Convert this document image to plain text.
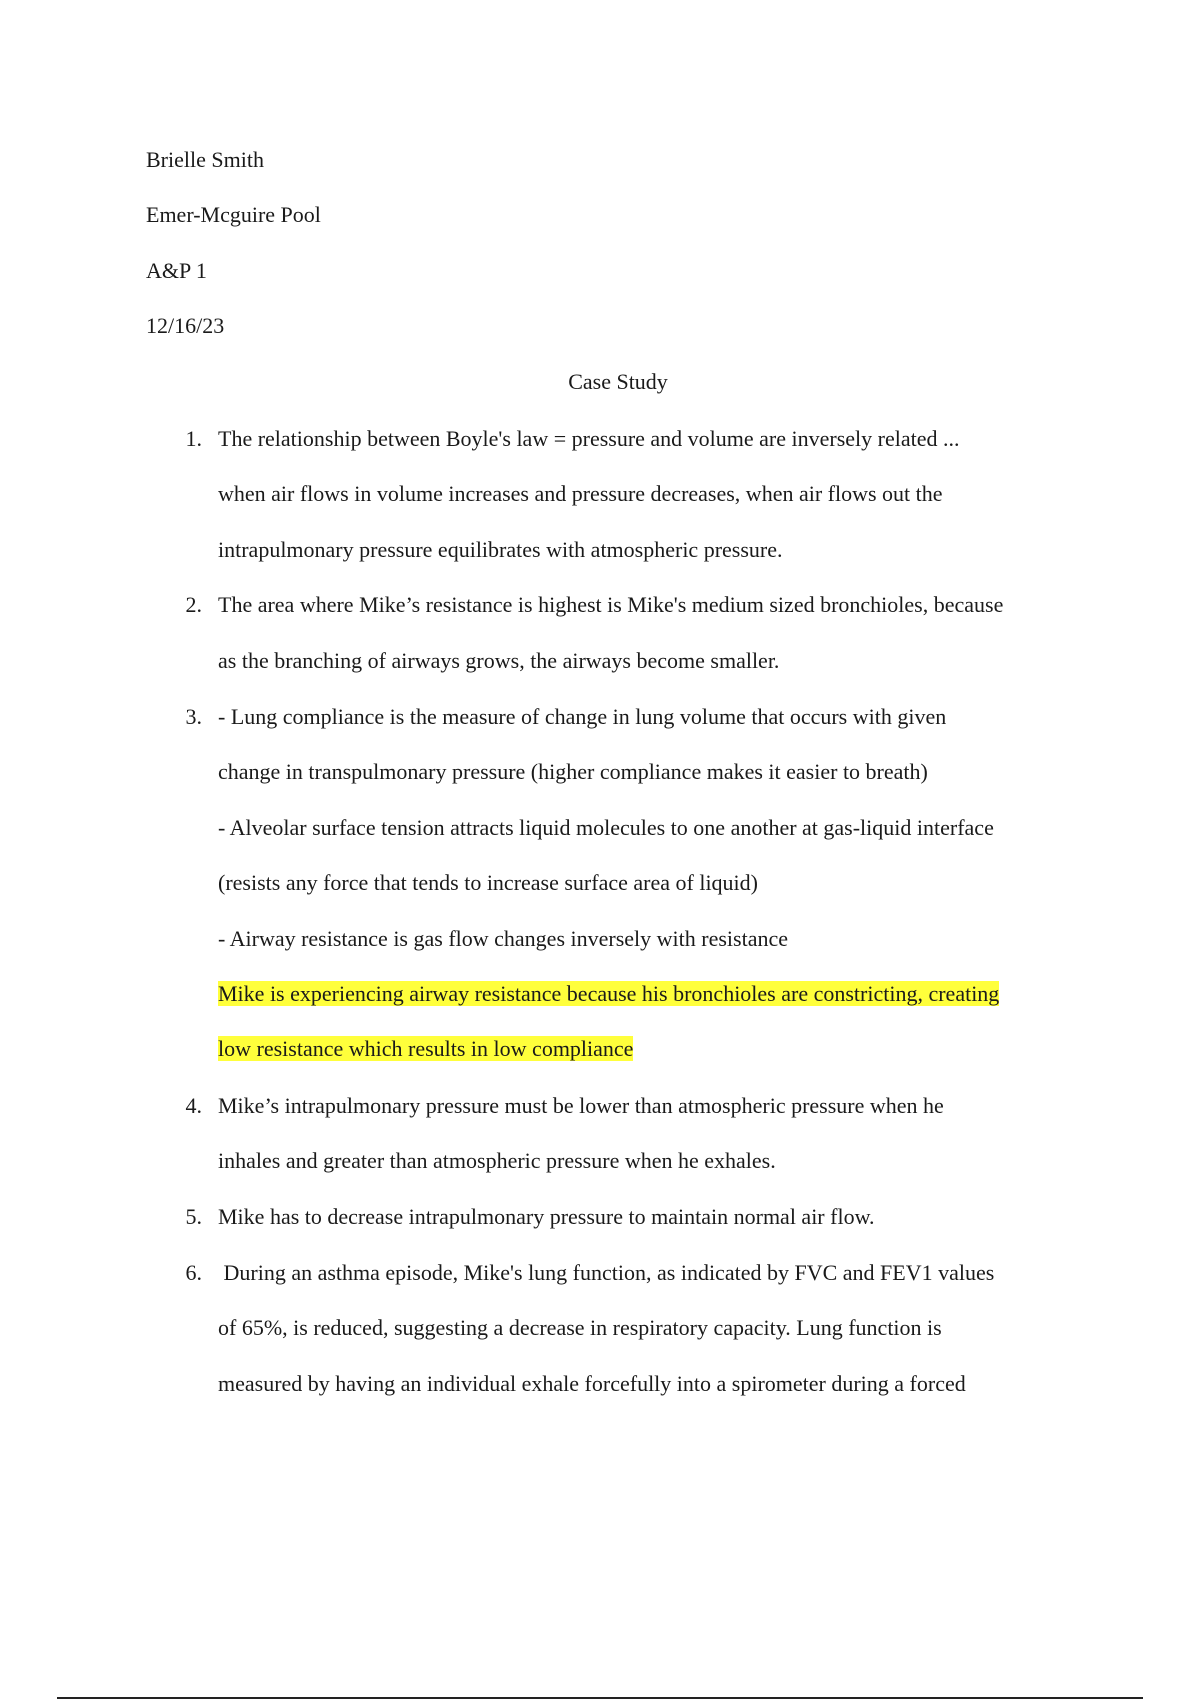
Brielle Smith
Emer-Mcguire Pool
A&P 1
12/16/23
Case Study
1. The relationship between Boyle's law = pressure and volume are inversely related ...
when air flows in volume increases and pressure decreases, when air flows out the
intrapulmonary pressure equilibrates with atmospheric pressure.
2. The area where Mike’s resistance is highest is Mike's medium sized bronchioles, because
as the branching of airways grows, the airways become smaller.
3. - Lung compliance is the measure of change in lung volume that occurs with given
change in transpulmonary pressure (higher compliance makes it easier to breath)
- Alveolar surface tension attracts liquid molecules to one another at gas-liquid interface
(resists any force that tends to increase surface area of liquid)
- Airway resistance is gas flow changes inversely with resistance
Mike is experiencing airway resistance because his bronchioles are constricting, creating
low resistance which results in low compliance
4. Mike’s intrapulmonary pressure must be lower than atmospheric pressure when he
inhales and greater than atmospheric pressure when he exhales.
5. Mike has to decrease intrapulmonary pressure to maintain normal air flow.
6. During an asthma episode, Mike's lung function, as indicated by FVC and FEV1 values
of 65%, is reduced, suggesting a decrease in respiratory capacity. Lung function is
measured by having an individual exhale forcefully into a spirometer during a forced
